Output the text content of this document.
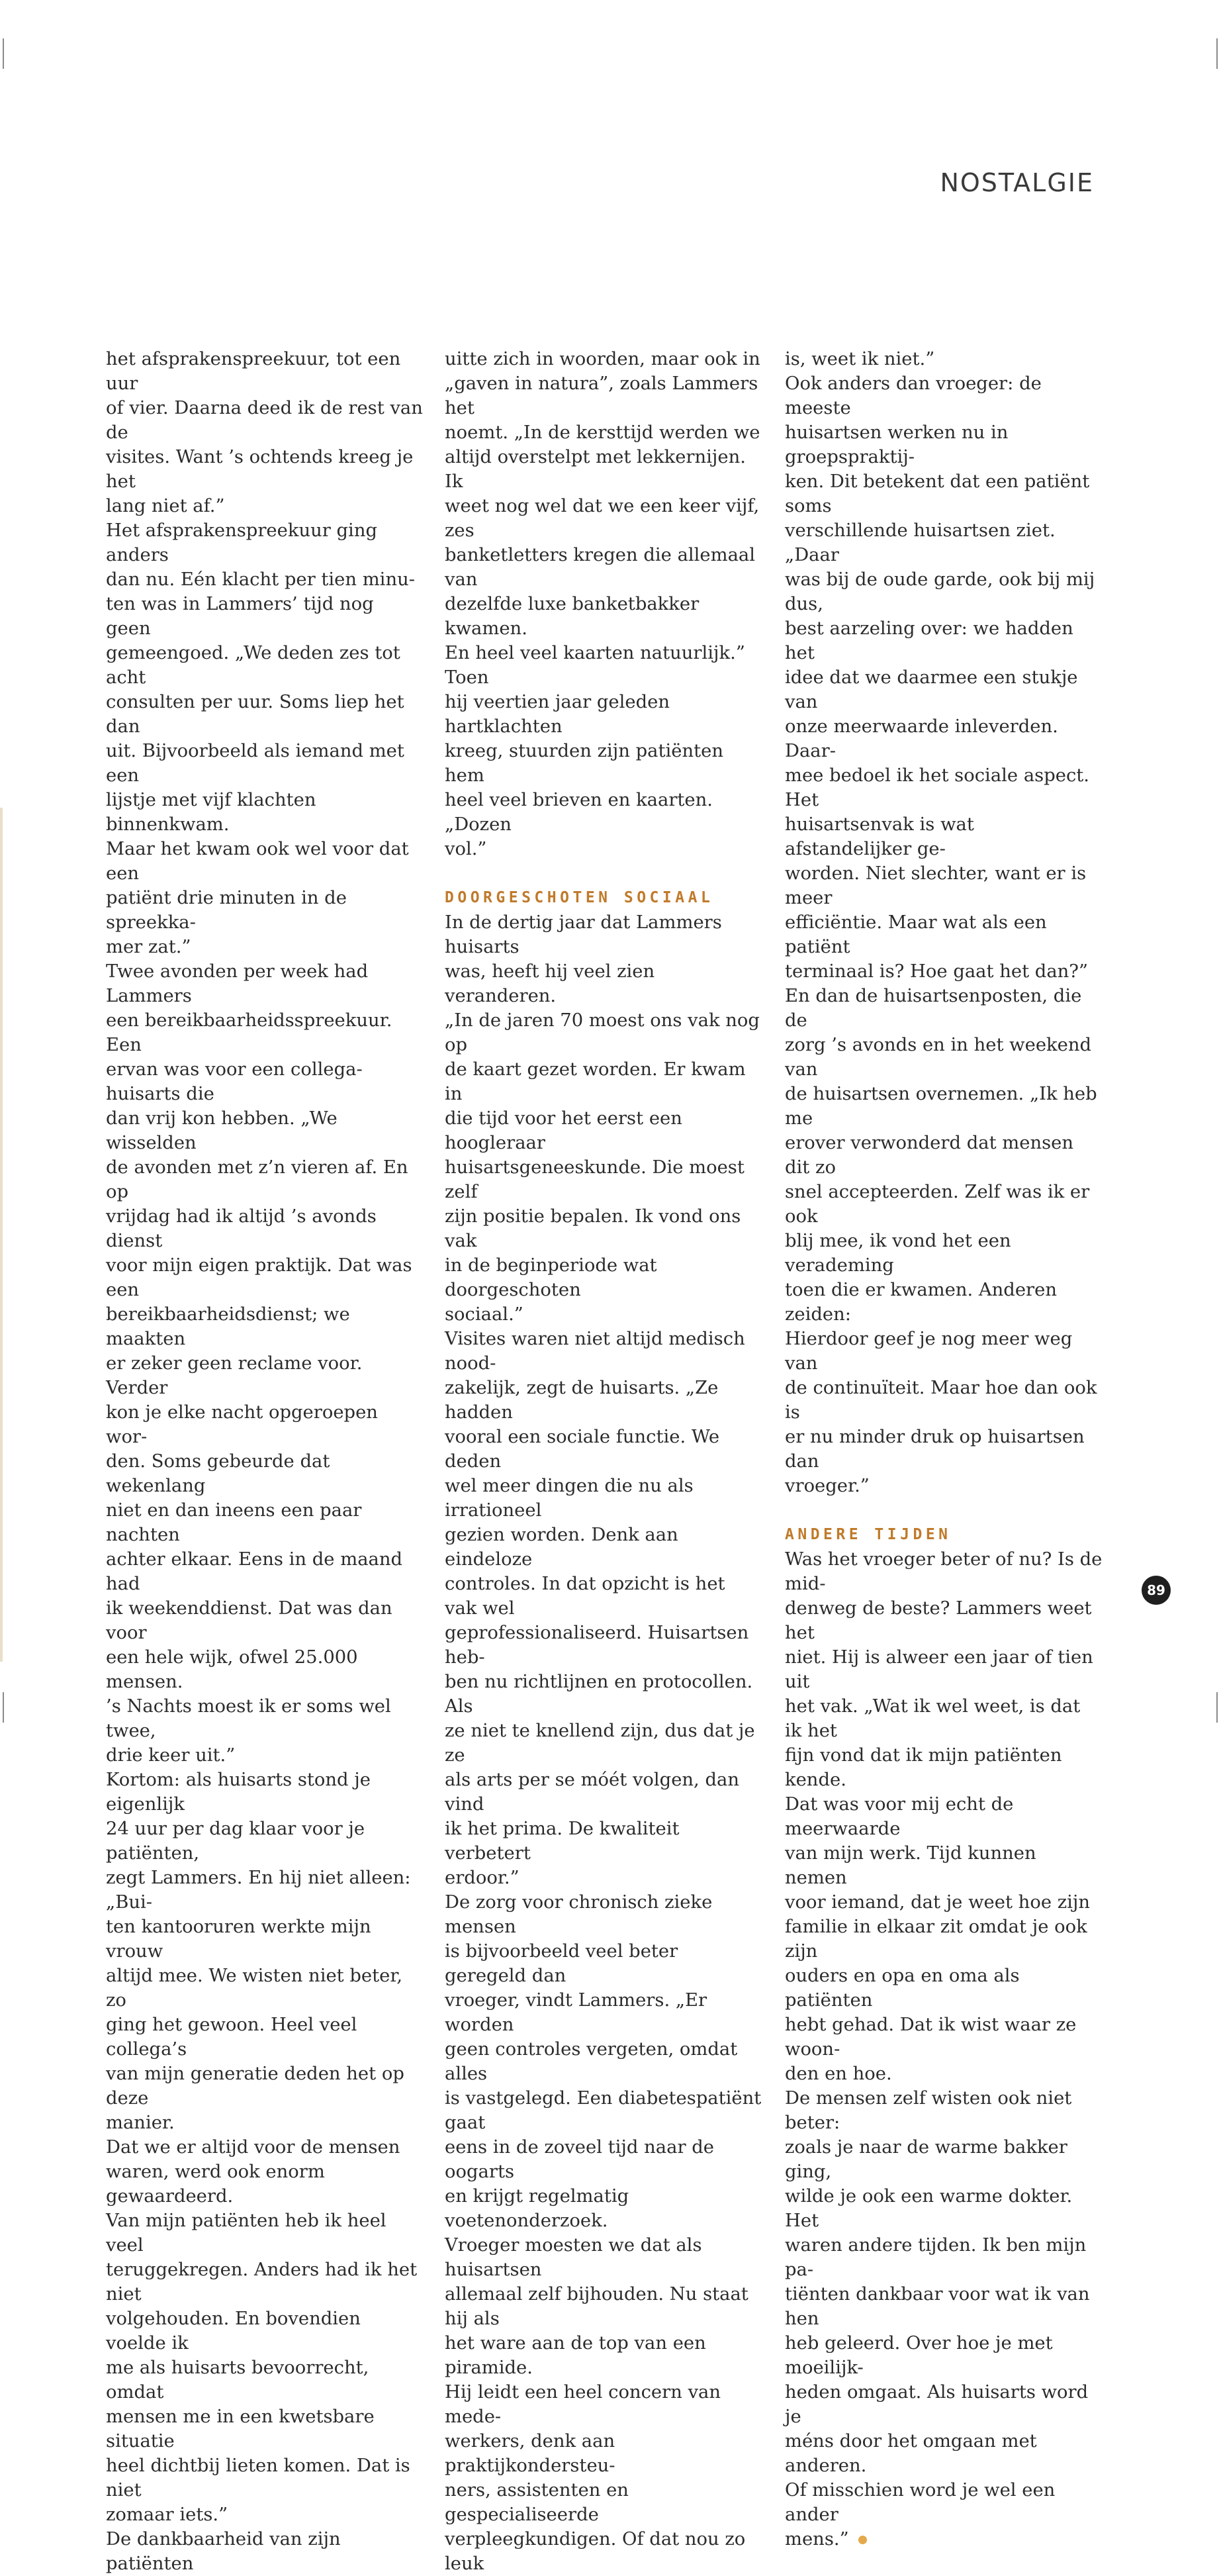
NOSTALGIE

het afsprakenspreekuur, tot een uur
of vier. Daarna deed ik de rest van de
visites. Want ’s ochtends kreeg je het
lang niet af.”

Het afsprakenspreekuur ging anders
dan nu. Eén klacht per tien minu-
ten was in Lammers’ tijd nog geen
gemeengoed. „We deden zes tot acht
consulten per uur. Soms liep het dan
uit. Bijvoorbeeld als iemand met een
lijstje met vijf klachten binnenkwam.
Maar het kwam ook wel voor dat een
patiënt drie minuten in de spreekka-
mer zat.”

Twee avonden per week had Lammers
een bereikbaarheidsspreekuur. Een
ervan was voor een collega-huisarts die
dan vrij kon hebben. „We wisselden
de avonden met z’n vieren af. En op
vrijdag had ik altijd ’s avonds dienst
voor mijn eigen praktijk. Dat was een
bereikbaarheidsdienst; we maakten
er zeker geen reclame voor. Verder
kon je elke nacht opgeroepen wor-
den. Soms gebeurde dat wekenlang
niet en dan ineens een paar nachten
achter elkaar. Eens in de maand had
ik weekenddienst. Dat was dan voor
een hele wijk, ofwel 25.000 mensen.
’s Nachts moest ik er soms wel twee,
drie keer uit.”

Kortom: als huisarts stond je eigenlijk
24 uur per dag klaar voor je patiënten,
zegt Lammers. En hij niet alleen: „Bui-
ten kantooruren werkte mijn vrouw
altijd mee. We wisten niet beter, zo
ging het gewoon. Heel veel collega’s
van mijn generatie deden het op deze
manier.

Dat we er altijd voor de mensen
waren, werd ook enorm gewaardeerd.
Van mijn patiënten heb ik heel veel
teruggekregen. Anders had ik het niet
volgehouden. En bovendien voelde ik
me als huisarts bevoorrecht, omdat
mensen me in een kwetsbare situatie
heel dichtbij lieten komen. Dat is niet
zomaar iets.”

De dankbaarheid van zijn patiënten

uitte zich in woorden, maar ook in
„gaven in natura”, zoals Lammers het
noemt. „In de kersttijd werden we
altijd overstelpt met lekkernijen. Ik
weet nog wel dat we een keer vijf, zes
banketletters kregen die allemaal van
dezelfde luxe banketbakker kwamen.
En heel veel kaarten natuurlijk.” Toen
hij veertien jaar geleden hartklachten
kreeg, stuurden zijn patiënten hem
heel veel brieven en kaarten. „Dozen
vol.”

DOORGESCHOTEN SOCIAAL

In de dertig jaar dat Lammers huisarts
was, heeft hij veel zien veranderen.
„In de jaren 70 moest ons vak nog op
de kaart gezet worden. Er kwam in
die tijd voor het eerst een hoogleraar
huisartsgeneeskunde. Die moest zelf
zijn positie bepalen. Ik vond ons vak
in de beginperiode wat doorgeschoten
sociaal.”

Visites waren niet altijd medisch nood-
zakelijk, zegt de huisarts. „Ze hadden
vooral een sociale functie. We deden
wel meer dingen die nu als irrationeel
gezien worden. Denk aan eindeloze
controles. In dat opzicht is het vak wel
geprofessionaliseerd. Huisartsen heb-
ben nu richtlijnen en protocollen. Als
ze niet te knellend zijn, dus dat je ze
als arts per se móét volgen, dan vind
ik het prima. De kwaliteit verbetert
erdoor.”

De zorg voor chronisch zieke mensen
is bijvoorbeeld veel beter geregeld dan
vroeger, vindt Lammers. „Er worden
geen controles vergeten, omdat alles
is vastgelegd. Een diabetespatiënt gaat
eens in de zoveel tijd naar de oogarts
en krijgt regelmatig voetenonderzoek.
Vroeger moesten we dat als huisartsen
allemaal zelf bijhouden. Nu staat hij als
het ware aan de top van een piramide.
Hij leidt een heel concern van mede-
werkers, denk aan praktijkondersteu-
ners, assistenten en gespecialiseerde
verpleegkundigen. Of dat nou zo leuk

is, weet ik niet.”

Ook anders dan vroeger: de meeste
huisartsen werken nu in groepspraktij-
ken. Dit betekent dat een patiënt soms
verschillende huisartsen ziet. „Daar
was bij de oude garde, ook bij mij dus,
best aarzeling over: we hadden het
idee dat we daarmee een stukje van
onze meerwaarde inleverden. Daar-
mee bedoel ik het sociale aspect. Het
huisartsenvak is wat afstandelijker ge-
worden. Niet slechter, want er is meer
efficiëntie. Maar wat als een patiënt
terminaal is? Hoe gaat het dan?”

En dan de huisartsenposten, die de
zorg ’s avonds en in het weekend van
de huisartsen overnemen. „Ik heb me
erover verwonderd dat mensen dit zo
snel accepteerden. Zelf was ik er ook
blij mee, ik vond het een verademing
toen die er kwamen. Anderen zeiden:
Hierdoor geef je nog meer weg van
de continuïteit. Maar hoe dan ook is
er nu minder druk op huisartsen dan
vroeger.”

ANDERE TIJDEN

Was het vroeger beter of nu? Is de mid-
denweg de beste? Lammers weet het
niet. Hij is alweer een jaar of tien uit
het vak. „Wat ik wel weet, is dat ik het
fijn vond dat ik mijn patiënten kende.
Dat was voor mij echt de meerwaarde
van mijn werk. Tijd kunnen nemen
voor iemand, dat je weet hoe zijn
familie in elkaar zit omdat je ook zijn
ouders en opa en oma als patiënten
hebt gehad. Dat ik wist waar ze woon-
den en hoe.

De mensen zelf wisten ook niet beter:
zoals je naar de warme bakker ging,
wilde je ook een warme dokter. Het
waren andere tijden. Ik ben mijn pa-
tiënten dankbaar voor wat ik van hen
heb geleerd. Over hoe je met moeilijk-
heden omgaat. Als huisarts word je
méns door het omgaan met anderen.
Of misschien word je wel een ander
mens.”

89
